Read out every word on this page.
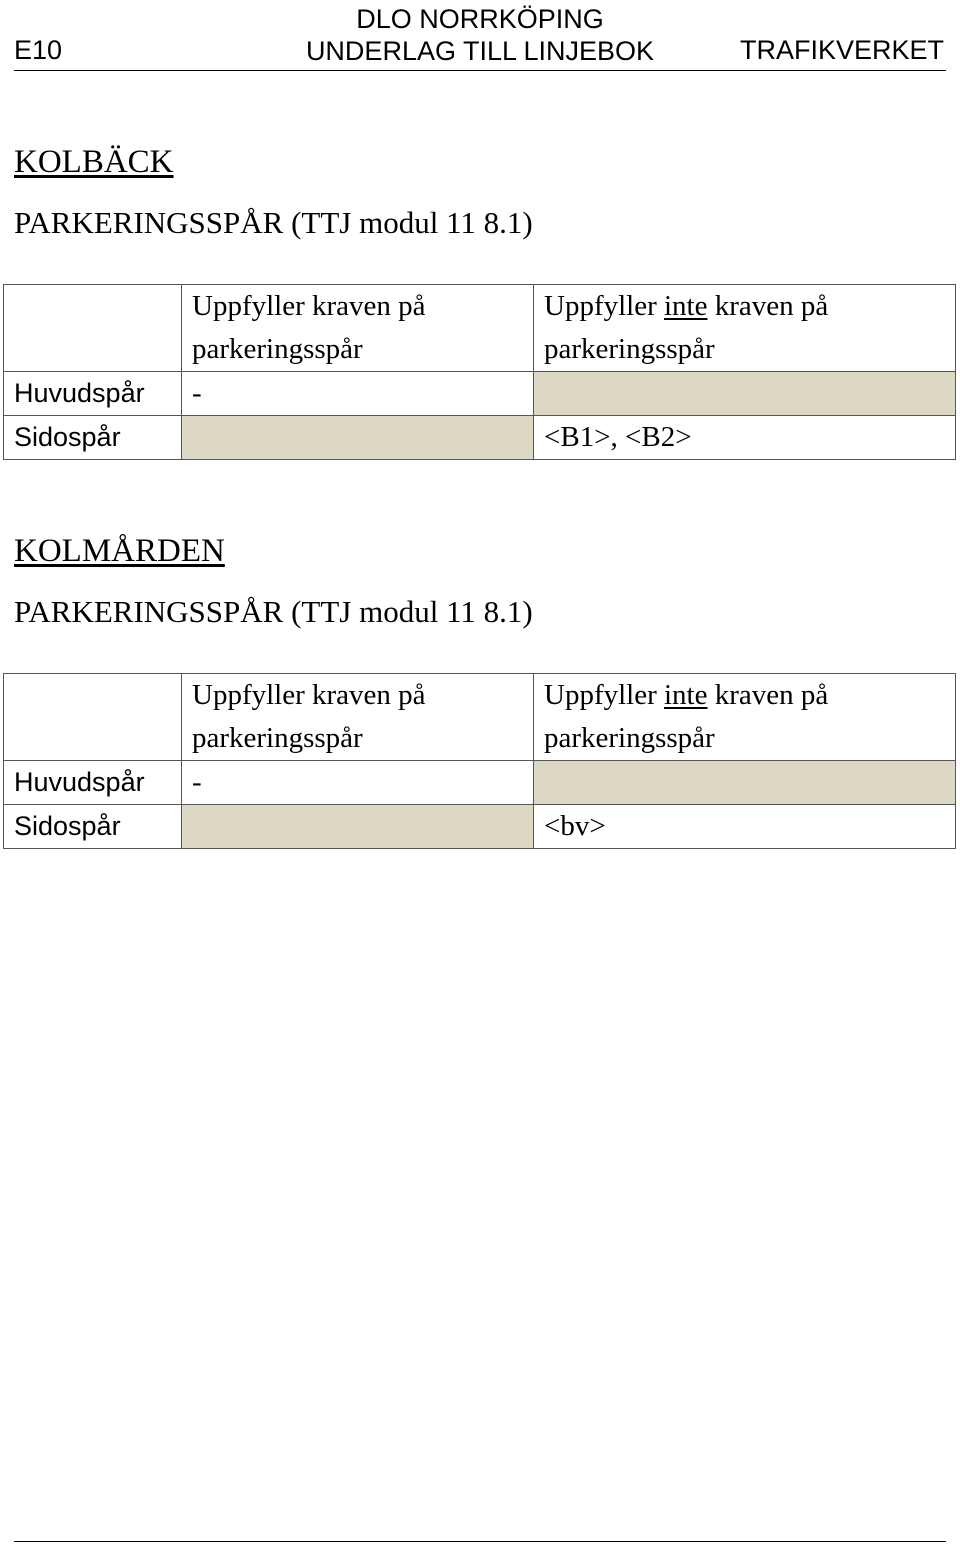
E10
DLO NORRKÖPING
UNDERLAG TILL LINJEBOK	TRAFIKVERKET
KOLBÄCK
PARKERINGSSPÅR (TTJ modul 11 8.1)
	Uppfyller kraven på parkeringsspår	Uppfyller inte kraven på parkeringsspår
Huvudspår	-	
Sidospår		<B1>, <B2>
KOLMÅRDEN
PARKERINGSSPÅR (TTJ modul 11 8.1)
	Uppfyller kraven på parkeringsspår	Uppfyller inte kraven på parkeringsspår
Huvudspår	-	
Sidospår		<bv>
